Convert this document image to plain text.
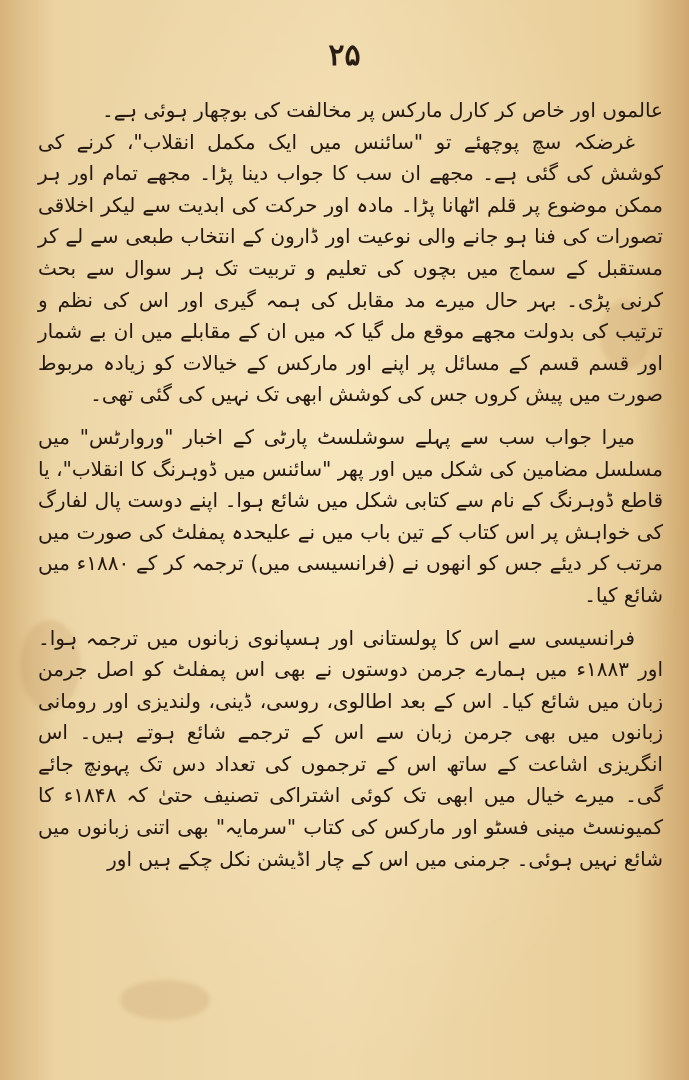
۲۵

عالموں اور خاص کر کارل مارکس پر مخالفت کی بوچھار ہوئی ہے۔

غرضکہ سچ پوچھئے تو "سائنس میں ایک مکمل انقلاب"، کرنے کی کوشش کی گئی ہے۔ مجھے ان سب کا جواب دینا پڑا۔ مجھے تمام اور ہر ممکن موضوع پر قلم اٹھانا پڑا۔ مادہ اور حرکت کی ابدیت سے لیکر اخلاقی تصورات کی فنا ہو جانے والی نوعیت اور ڈارون کے انتخاب طبعی سے لے کر مستقبل کے سماج میں بچوں کی تعلیم و تربیت تک ہر سوال سے بحث کرنی پڑی۔ بہر حال میرے مد مقابل کی ہمہ گیری اور اس کی نظم و ترتیب کی بدولت مجھے موقع مل گیا کہ میں ان کے مقابلے میں ان بے شمار اور قسم قسم کے مسائل پر اپنے اور مارکس کے خیالات کو زیادہ مربوط صورت میں پیش کروں جس کی کوشش ابھی تک نہیں کی گئی تھی۔

میرا جواب سب سے پہلے سوشلسٹ پارٹی کے اخبار "وروارٹس" میں مسلسل مضامین کی شکل میں اور پھر "سائنس میں ڈوہرنگ کا انقلاب"، یا قاطع ڈوہرنگ کے نام سے کتابی شکل میں شائع ہوا۔ اپنے دوست پال لفارگ کی خواہش پر اس کتاب کے تین باب میں نے علیحدہ پمفلٹ کی صورت میں مرتب کر دیئے جس کو انھوں نے (فرانسیسی میں) ترجمہ کر کے ۱۸۸۰ء میں شائع کیا۔

فرانسیسی سے اس کا پولستانی اور ہسپانوی زبانوں میں ترجمہ ہوا۔ اور ۱۸۸۳ء میں ہمارے جرمن دوستوں نے بھی اس پمفلٹ کو اصل جرمن زبان میں شائع کیا۔ اس کے بعد اطالوی، روسی، ڈینی، ولندیزی اور رومانی زبانوں میں بھی جرمن زبان سے اس کے ترجمے شائع ہوتے ہیں۔ اس انگریزی اشاعت کے ساتھ اس کے ترجموں کی تعداد دس تک پہونچ جائے گی۔ میرے خیال میں ابھی تک کوئی اشتراکی تصنیف حتیٰ کہ ۱۸۴۸ء کا کمیونسٹ مینی فسٹو اور مارکس کی کتاب "سرمایہ" بھی اتنی زبانوں میں شائع نہیں ہوئی۔ جرمنی میں اس کے چار اڈیشن نکل چکے ہیں اور
